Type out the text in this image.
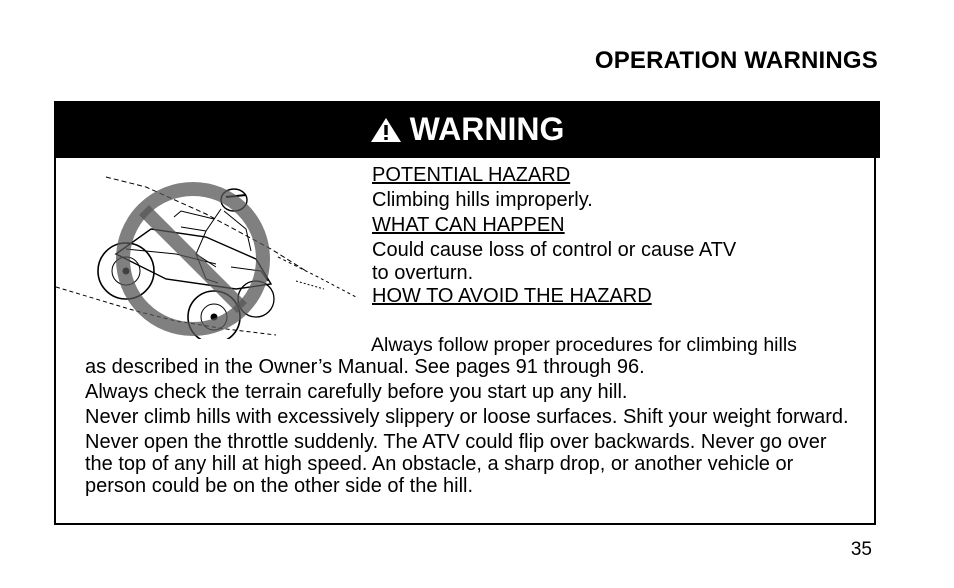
OPERATION WARNINGS
WARNING

POTENTIAL HAZARD

Climbing hills improperly.

WHAT CAN HAPPEN

Could cause loss of control or cause ATV
to overturn.

HOW TO AVOID THE HAZARD

Always follow proper procedures for climbing hills
as described in the Owner’s Manual. See pages 91 through 96.

Always check the terrain carefully before you start up any hill.

Never climb hills with excessively slippery or loose surfaces. Shift your weight forward.

Never open the throttle suddenly. The ATV could flip over backwards. Never go over the top of any hill at high speed. An obstacle, a sharp drop, or another vehicle or person could be on the other side of the hill.

35
